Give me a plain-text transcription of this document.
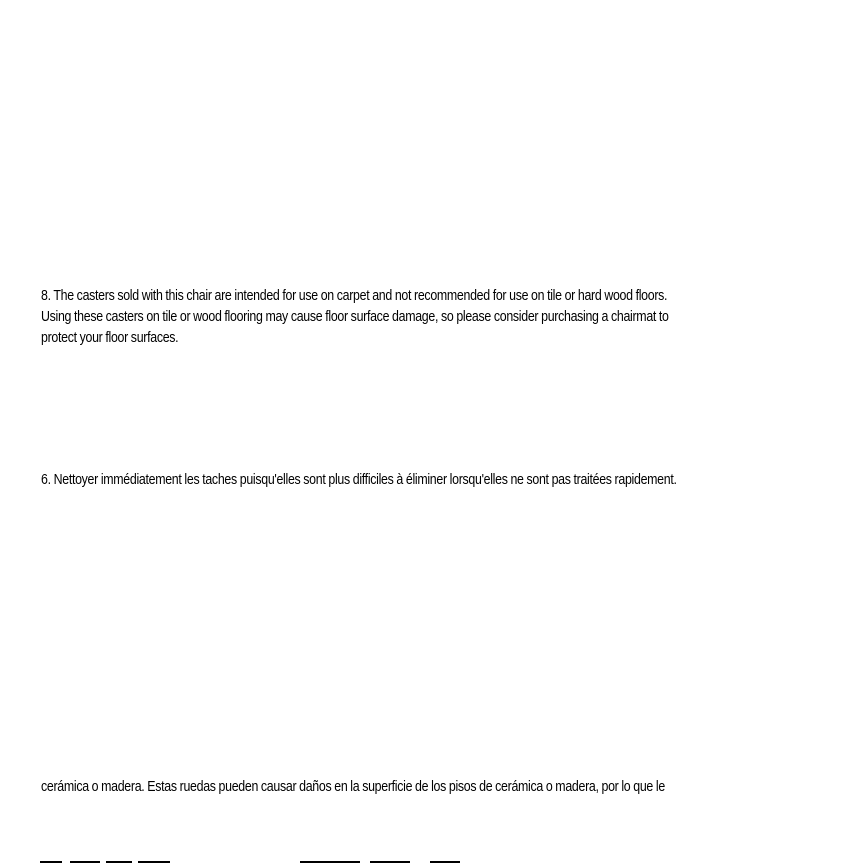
8. The casters sold with this chair are intended for use on carpet and not recommended for use on tile or hard wood floors.
Using these casters on tile or wood flooring may cause floor surface damage, so please consider purchasing a chairmat to
protect your floor surfaces.
6. Nettoyer immédiatement les taches puisqu'elles sont plus difficiles à éliminer lorsqu'elles ne sont pas traitées rapidement.
cerámica o madera. Estas ruedas pueden causar daños en la superficie de los pisos de cerámica o madera, por lo que le
